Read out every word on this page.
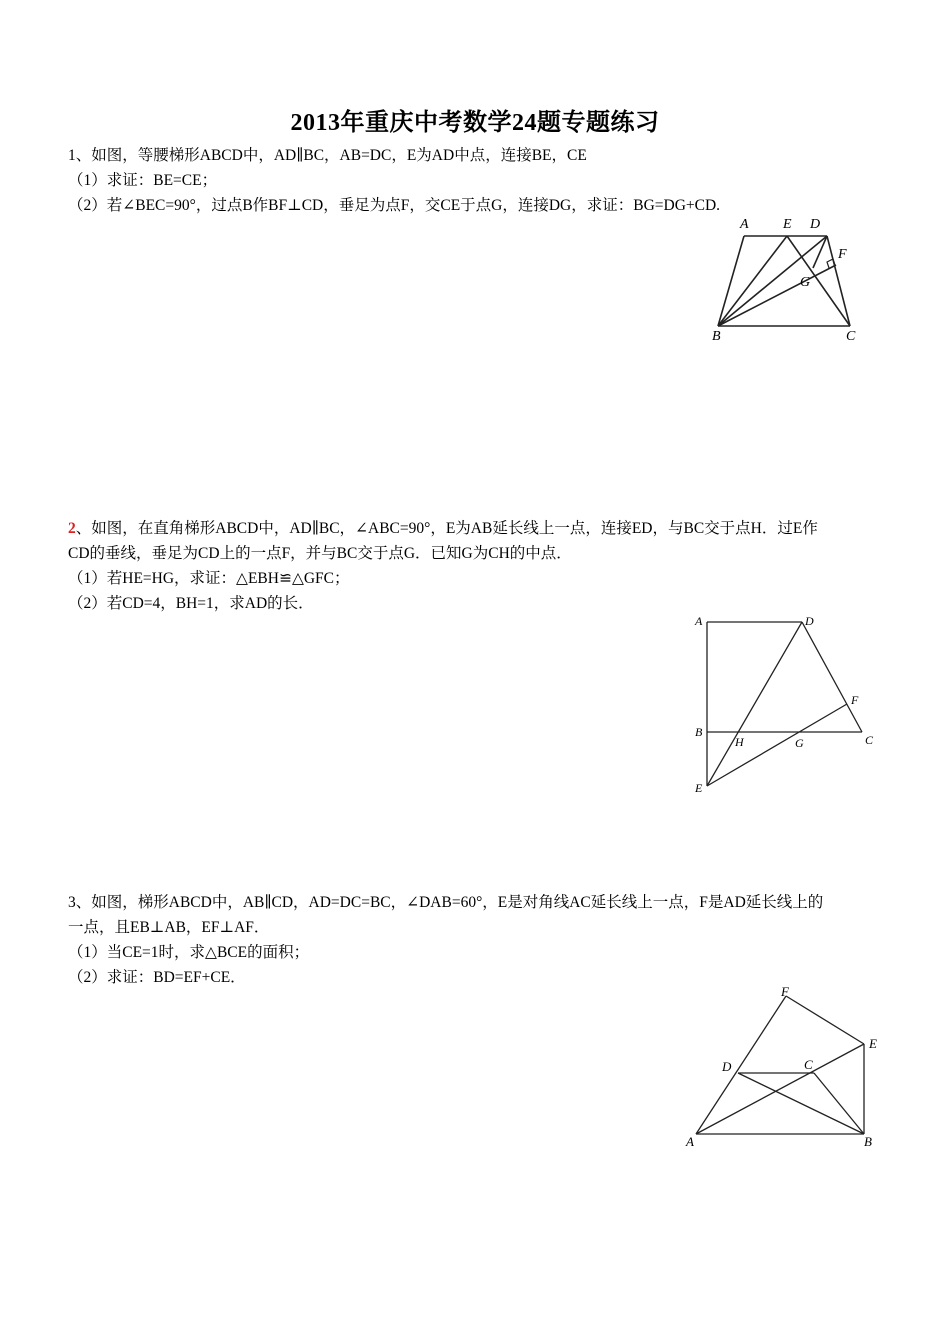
2013年重庆中考数学24题专题练习
1、如图，等腰梯形ABCD中，AD∥BC，AB=DC，E为AD中点，连接BE，CE
（1）求证：BE=CE；
（2）若∠BEC=90°，过点B作BF⊥CD，垂足为点F，交CE于点G，连接DG，求证：BG=DG+CD.
A E D
F
G
B	C
2、如图，在直角梯形ABCD中，AD∥BC，∠ABC=90°，E为AB延长线上一点，连接ED，与BC交于点H．过E作
CD的垂线，垂足为CD上的一点F，并与BC交于点G．已知G为CH的中点．
（1）若HE=HG，求证：△EBH≌△GFC；
（2）若CD=4，BH=1，求AD的长．
A	D
F
B
H	G	C
E
3、如图，梯形ABCD中，AB∥CD，AD=DC=BC，∠DAB=60°，E是对角线AC延长线上一点，F是AD延长线上的
一点，且EB⊥AB，EF⊥AF．
（1）当CE=1时，求△BCE的面积；
（2）求证：BD=EF+CE．
F
E
D	C
A	B
